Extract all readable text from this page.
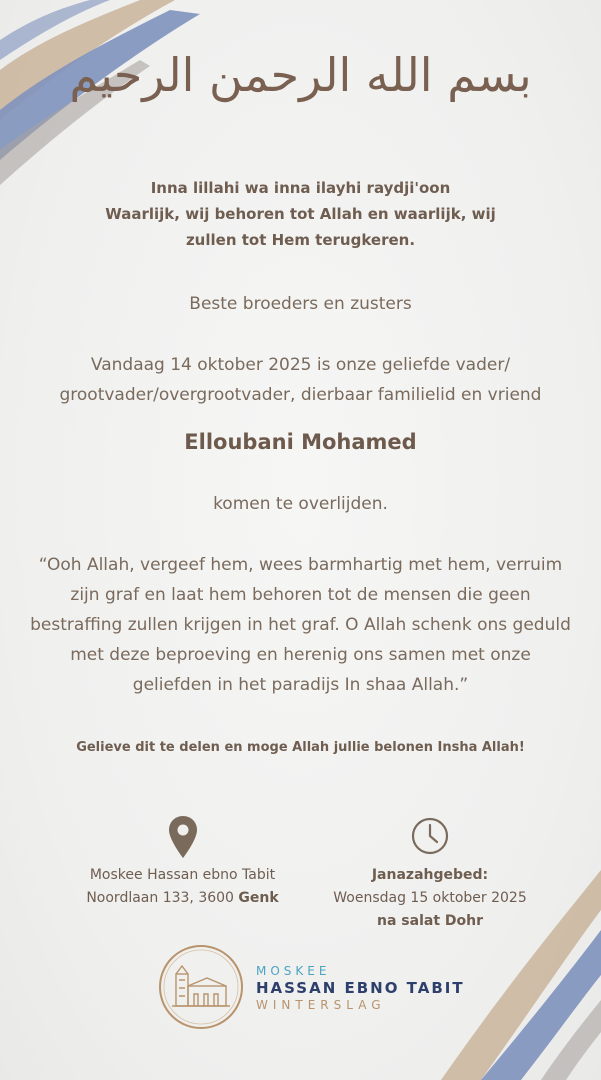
بسم الله الرحمن الرحيم
Inna lillahi wa inna ilayhi raydji'oon
Waarlijk, wij behoren tot Allah en waarlijk, wij
zullen tot Hem terugkeren.
Beste broeders en zusters
Vandaag 14 oktober 2025 is onze geliefde vader/
grootvader/overgrootvader, dierbaar familielid en vriend
Elloubani Mohamed
komen te overlijden.
“Ooh Allah, vergeef hem, wees barmhartig met hem, verruim zijn graf en laat hem behoren tot de mensen die geen bestraffing zullen krijgen in het graf. O Allah schenk ons geduld met deze beproeving en herenig ons samen met onze geliefden in het paradijs In shaa Allah.”
Gelieve dit te delen en moge Allah jullie belonen Insha Allah!
Moskee Hassan ebno Tabit
Noordlaan 133, 3600 Genk
Janazahgebed:
Woensdag 15 oktober 2025
na salat Dohr
MOSKEE
HASSAN EBNO TABIT
WINTERSLAG
